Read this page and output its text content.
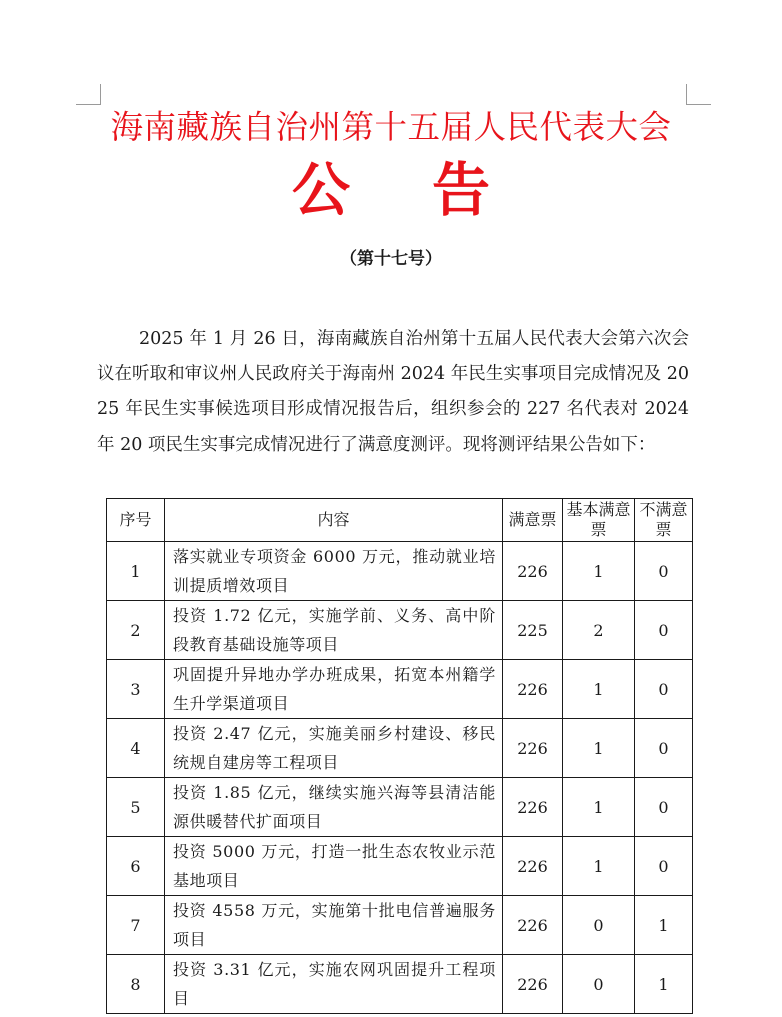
海南藏族自治州第十五届人民代表大会
公 告
（第十七号）
2025 年 1 月 26 日，海南藏族自治州第十五届人民代表大会第六次会议在听取和审议州人民政府关于海南州 2024 年民生实事项目完成情况及 2025 年民生实事候选项目形成情况报告后，组织参会的 227 名代表对 2024 年 20 项民生实事完成情况进行了满意度测评。现将测评结果公告如下：
序号	内容	满意票	基本满意票	不满意票
1	落实就业专项资金 6000 万元，推动就业培训提质增效项目	226	1	0
2	投资 1.72 亿元，实施学前、义务、高中阶段教育基础设施等项目	225	2	0
3	巩固提升异地办学办班成果，拓宽本州籍学生升学渠道项目	226	1	0
4	投资 2.47 亿元，实施美丽乡村建设、移民统规自建房等工程项目	226	1	0
5	投资 1.85 亿元，继续实施兴海等县清洁能源供暖替代扩面项目	226	1	0
6	投资 5000 万元，打造一批生态农牧业示范基地项目	226	1	0
7	投资 4558 万元，实施第十批电信普遍服务项目	226	0	1
8	投资 3.31 亿元，实施农网巩固提升工程项目	226	0	1
